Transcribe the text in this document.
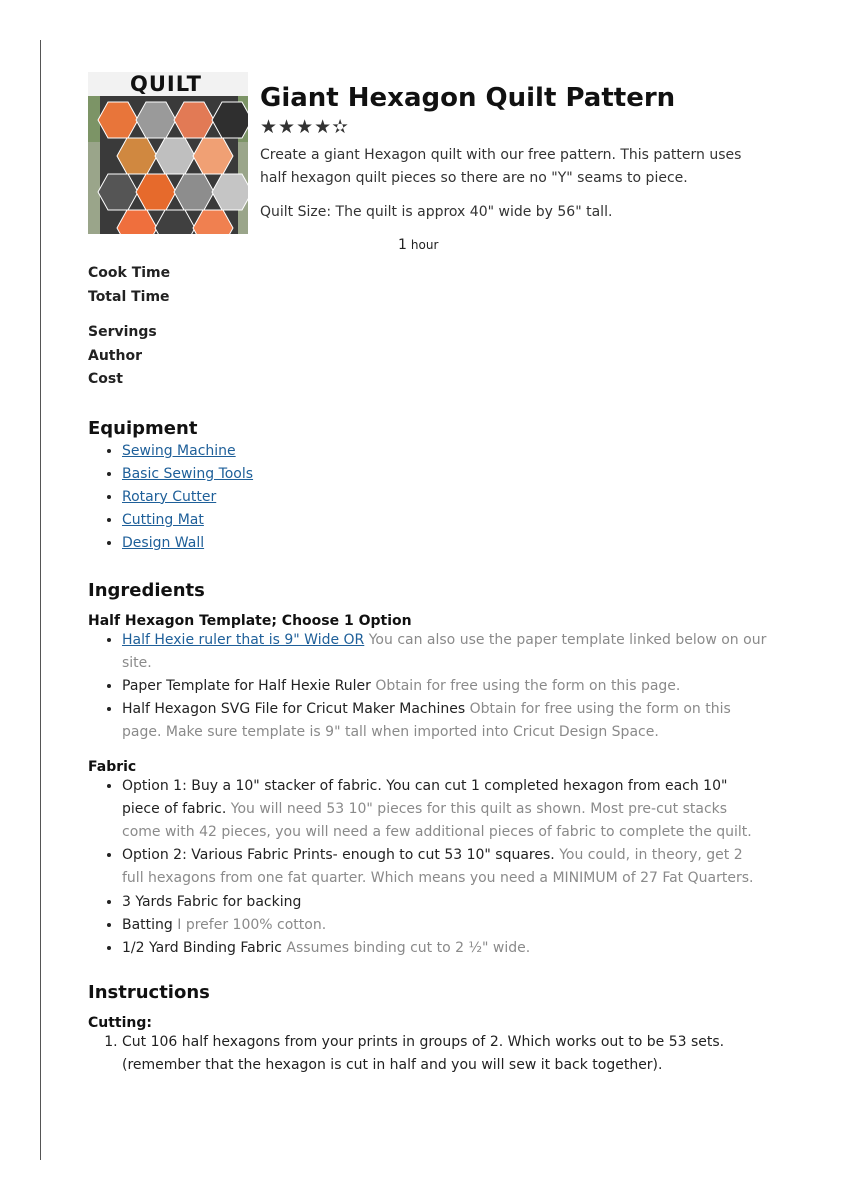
QUILT Giant Hexagon Quilt Pattern
★★★★✫

Create a giant Hexagon quilt with our free pattern. This pattern uses half hexagon quilt pieces so there are no "Y" seams to piece.

Quilt Size: The quilt is approx 40" wide by 56" tall.

1 hour
Cook Time
Total Time
Servings
Author
Cost
Equipment
• Sewing Machine
• Basic Sewing Tools
• Rotary Cutter
• Cutting Mat
• Design Wall
Ingredients
Half Hexagon Template; Choose 1 Option
• Half Hexie ruler that is 9" Wide OR You can also use the paper template linked below on our site.
• Paper Template for Half Hexie Ruler Obtain for free using the form on this page.
• Half Hexagon SVG File for Cricut Maker Machines Obtain for free using the form on this page. Make sure template is 9" tall when imported into Cricut Design Space.
Fabric
• Option 1: Buy a 10" stacker of fabric. You can cut 1 completed hexagon from each 10" piece of fabric. You will need 53 10" pieces for this quilt as shown. Most pre-cut stacks come with 42 pieces, you will need a few additional pieces of fabric to complete the quilt.
• Option 2: Various Fabric Prints- enough to cut 53 10" squares. You could, in theory, get 2 full hexagons from one fat quarter. Which means you need a MINIMUM of 27 Fat Quarters.
• 3 Yards Fabric for backing
• Batting I prefer 100% cotton.
• 1/2 Yard Binding Fabric Assumes binding cut to 2 ½" wide.
Instructions
Cutting:
1. Cut 106 half hexagons from your prints in groups of 2. Which works out to be 53 sets. (remember that the hexagon is cut in half and you will sew it back together).
